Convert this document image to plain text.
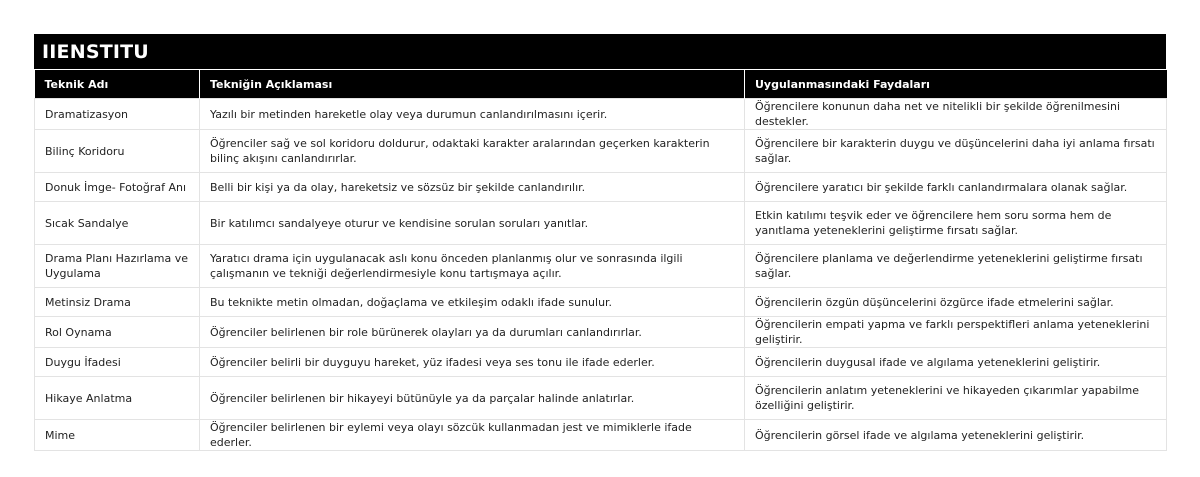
IIENSTITU
Teknik Adı	Tekniğin Açıklaması	Uygulanmasındaki Faydaları
Dramatizasyon	Yazılı bir metinden hareketle olay veya durumun canlandırılmasını içerir.	Öğrencilere konunun daha net ve nitelikli bir şekilde öğrenilmesini destekler.
Bilinç Koridoru	Öğrenciler sağ ve sol koridoru doldurur, odaktaki karakter aralarından geçerken karakterin bilinç akışını canlandırırlar.	Öğrencilere bir karakterin duygu ve düşüncelerini daha iyi anlama fırsatı sağlar.
Donuk İmge- Fotoğraf Anı	Belli bir kişi ya da olay, hareketsiz ve sözsüz bir şekilde canlandırılır.	Öğrencilere yaratıcı bir şekilde farklı canlandırmalara olanak sağlar.
Sıcak Sandalye	Bir katılımcı sandalyeye oturur ve kendisine sorulan soruları yanıtlar.	Etkin katılımı teşvik eder ve öğrencilere hem soru sorma hem de yanıtlama yeteneklerini geliştirme fırsatı sağlar.
Drama Planı Hazırlama ve Uygulama	Yaratıcı drama için uygulanacak aslı konu önceden planlanmış olur ve sonrasında ilgili çalışmanın ve tekniği değerlendirmesiyle konu tartışmaya açılır.	Öğrencilere planlama ve değerlendirme yeteneklerini geliştirme fırsatı sağlar.
Metinsiz Drama	Bu teknikte metin olmadan, doğaçlama ve etkileşim odaklı ifade sunulur.	Öğrencilerin özgün düşüncelerini özgürce ifade etmelerini sağlar.
Rol Oynama	Öğrenciler belirlenen bir role bürünerek olayları ya da durumları canlandırırlar.	Öğrencilerin empati yapma ve farklı perspektifleri anlama yeteneklerini geliştirir.
Duygu İfadesi	Öğrenciler belirli bir duyguyu hareket, yüz ifadesi veya ses tonu ile ifade ederler.	Öğrencilerin duygusal ifade ve algılama yeteneklerini geliştirir.
Hikaye Anlatma	Öğrenciler belirlenen bir hikayeyi bütünüyle ya da parçalar halinde anlatırlar.	Öğrencilerin anlatım yeteneklerini ve hikayeden çıkarımlar yapabilme özelliğini geliştirir.
Mime	Öğrenciler belirlenen bir eylemi veya olayı sözcük kullanmadan jest ve mimiklerle ifade ederler.	Öğrencilerin görsel ifade ve algılama yeteneklerini geliştirir.
